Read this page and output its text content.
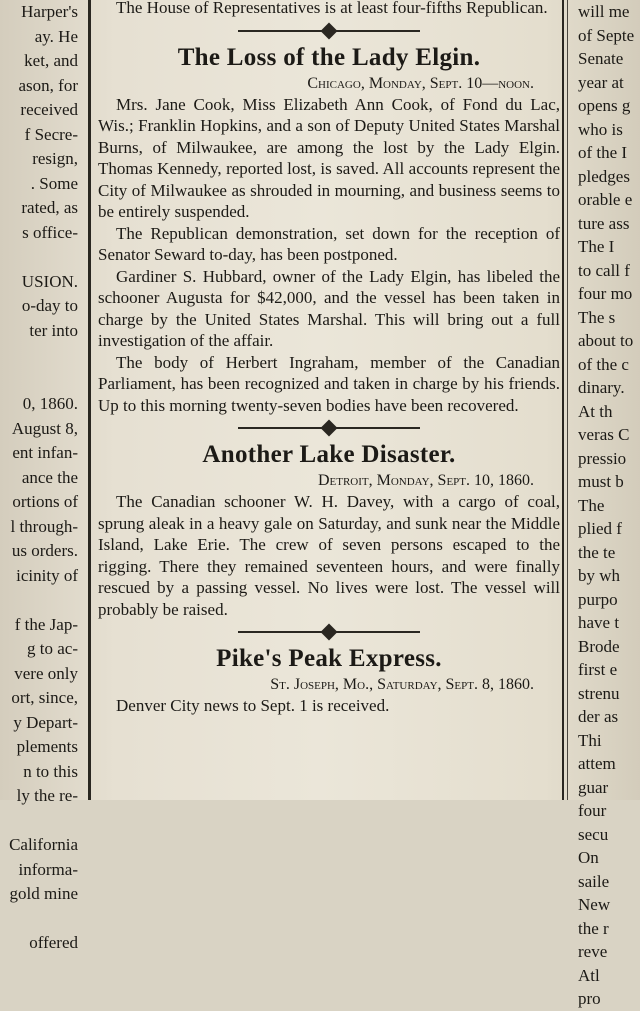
Harper's
ay. He
ket, and
ason, for
received
f Secre-
resign,
. Some
rated, as
s office-

USION.
o-day to
ter into

0, 1860.
August 8,
ent infan-
ance the
ortions of
l through-
us orders.
icinity of

f the Jap-
g to ac-
vere only
ort, since,
y Depart-
plements
n to this
ly the re-

California
informa-
gold mine

offered

The House of Representatives is at least four-fifths Republican.

The Loss of the Lady Elgin.

Chicago, Monday, Sept. 10—noon.

Mrs. Jane Cook, Miss Elizabeth Ann Cook, of Fond du Lac, Wis.; Franklin Hopkins, and a son of Deputy United States Marshal Burns, of Milwaukee, are among the lost by the Lady Elgin. Thomas Kennedy, reported lost, is saved. All accounts represent the City of Milwaukee as shrouded in mourning, and business seems to be entirely suspended.

The Republican demonstration, set down for the reception of Senator Seward to-day, has been postponed.

Gardiner S. Hubbard, owner of the Lady Elgin, has libeled the schooner Augusta for $42,000, and the vessel has been taken in charge by the United States Marshal. This will bring out a full investigation of the affair.

The body of Herbert Ingraham, member of the Canadian Parliament, has been recognized and taken in charge by his friends. Up to this morning twenty-seven bodies have been recovered.

Another Lake Disaster.

Detroit, Monday, Sept. 10, 1860.

The Canadian schooner W. H. Davey, with a cargo of coal, sprung aleak in a heavy gale on Saturday, and sunk near the Middle Island, Lake Erie. The crew of seven persons escaped to the rigging. There they remained seventeen hours, and were finally rescued by a passing vessel. No lives were lost. The vessel will probably be raised.

Pike's Peak Express.

St. Joseph, Mo., Saturday, Sept. 8, 1860.

Denver City news to Sept. 1 is received.

will me
of Septe
Senate
year at
opens g
who is
of the I
pledges
orable e
ture ass
The I
to call f
four mo
The s
about to
of the c
dinary.
At th
veras C
pressio
must b
The
plied f
the te
by wh
purpo
have t
Brode
first e
strenu
der as
Thi
attem
guar
four
secu
On
saile
New
the r
reve
Atl
pro
